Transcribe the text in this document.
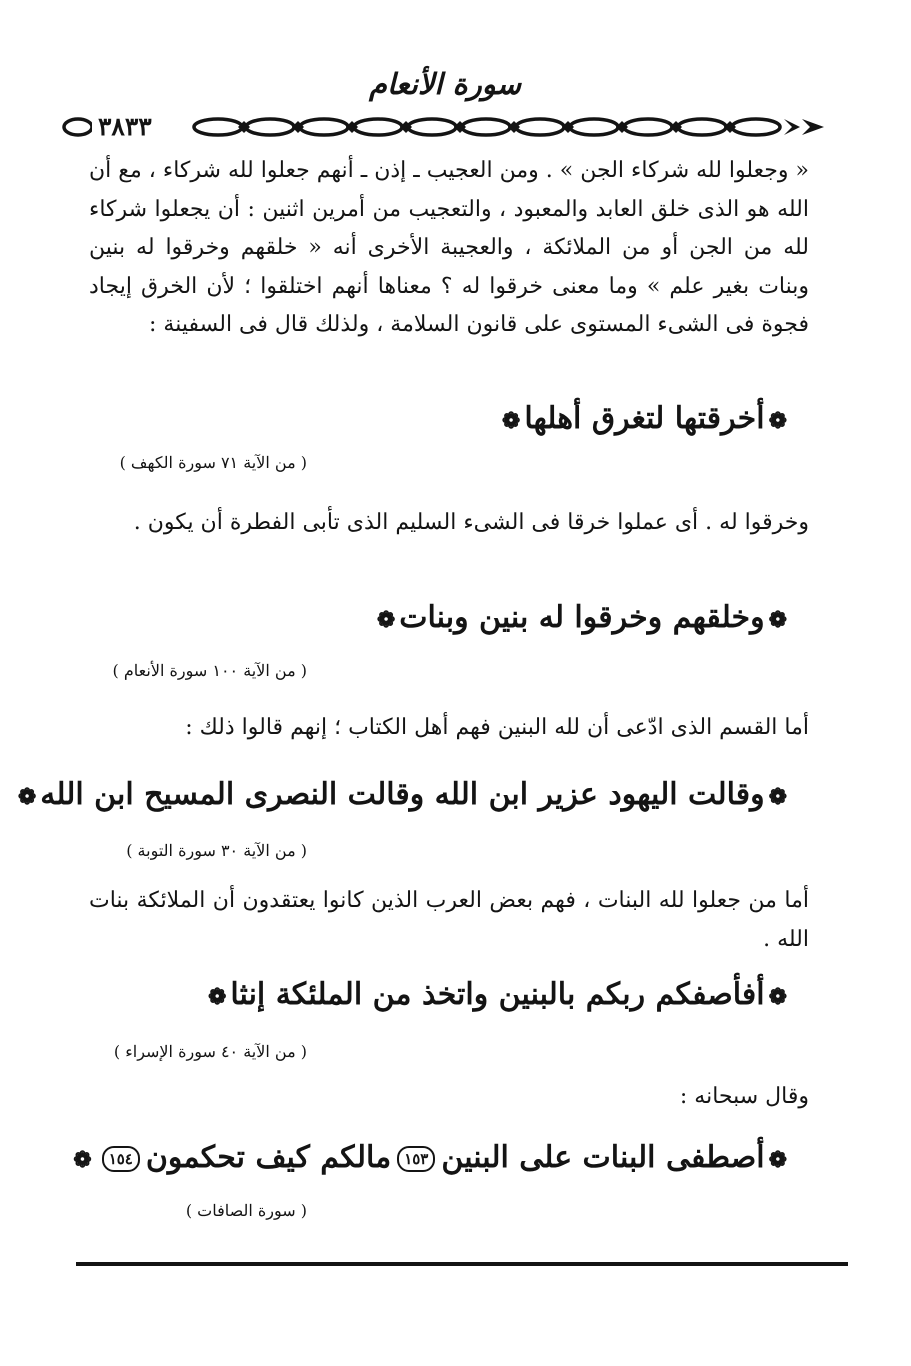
سورة الأنعام
٣٨٣٣

« وجعلوا لله شركاء الجن » . ومن العجيب ـ إذن ـ أنهم جعلوا لله شركاء ، مع أن الله هو الذى خلق العابد والمعبود ، والتعجيب من أمرين اثنين : أن يجعلوا شركاء لله من الجن أو من الملائكة ، والعجيبة الأخرى أنه « خلقهم وخرقوا له بنين وبنات بغير علم » وما معنى خرقوا له ؟ معناها أنهم اختلقوا ؛ لأن الخرق إيجاد فجوة فى الشىء المستوى على قانون السلامة ، ولذلك قال فى السفينة :

❁أخرقتها لتغرق أهلها❁
( من الآية ٧١ سورة الكهف )

وخرقوا له . أى عملوا خرقا فى الشىء السليم الذى تأبى الفطرة أن يكون .

❁وخلقهم وخرقوا له بنين وبنات❁
( من الآية ١٠٠ سورة الأنعام )

أما القسم الذى ادّعى أن لله البنين فهم أهل الكتاب ؛ إنهم قالوا ذلك :

❁وقالت اليهود عزير ابن الله وقالت النصرى المسيح ابن الله❁
( من الآية ٣٠ سورة التوبة )

أما من جعلوا لله البنات ، فهم بعض العرب الذين كانوا يعتقدون أن الملائكة بنات الله .

❁أفأصفكم ربكم بالبنين واتخذ من الملئكة إنثا❁
( من الآية ٤٠ سورة الإسراء )

وقال سبحانه :

❁أصطفى البنات على البنين١٥٣مالكم كيف تحكمون١٥٤❁
( سورة الصافات )
